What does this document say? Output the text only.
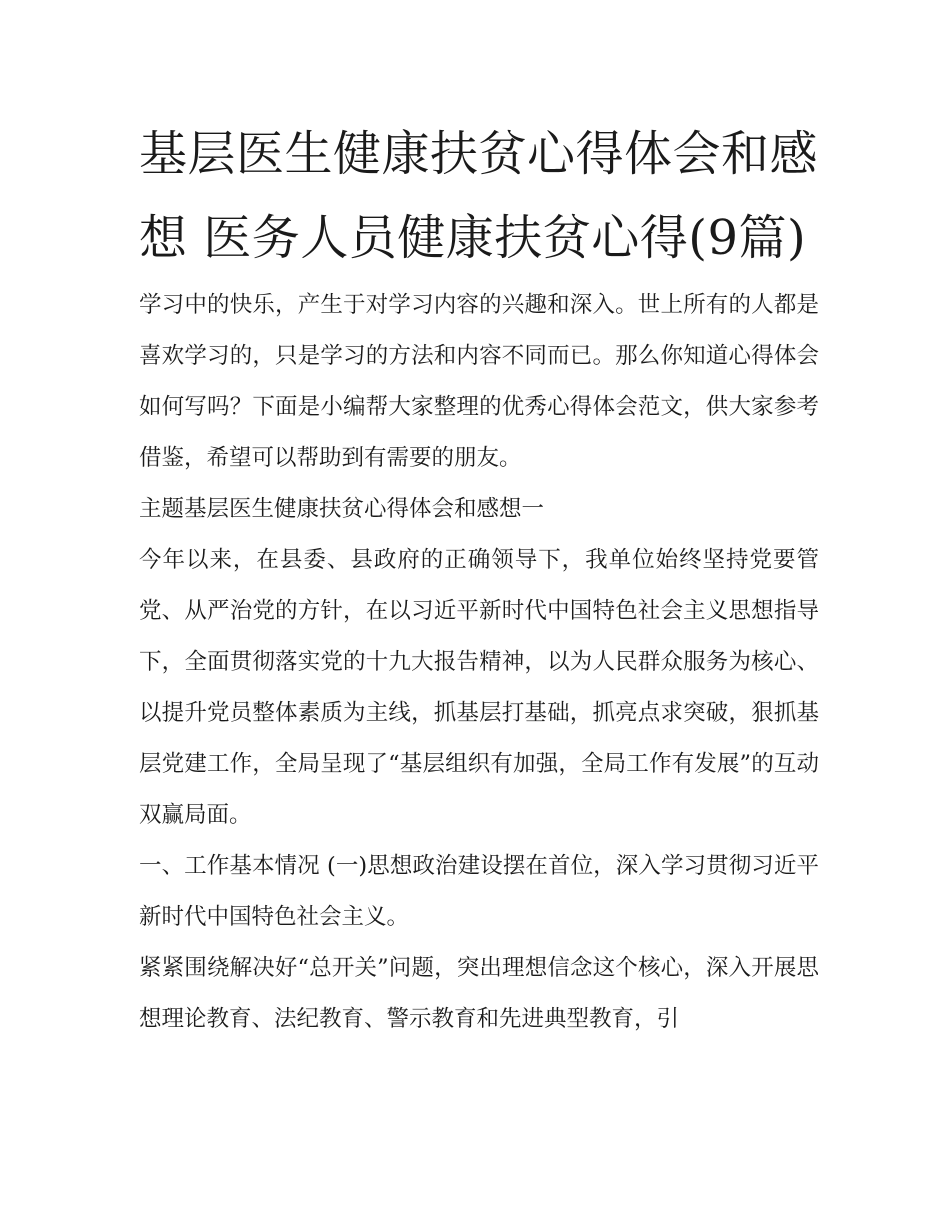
基层医生健康扶贫心得体会和感想 医务人员健康扶贫心得(9篇)

学习中的快乐，产生于对学习内容的兴趣和深入。世上所有的人都是喜欢学习的，只是学习的方法和内容不同而已。那么你知道心得体会如何写吗？下面是小编帮大家整理的优秀心得体会范文，供大家参考借鉴，希望可以帮助到有需要的朋友。

主题基层医生健康扶贫心得体会和感想一

今年以来，在县委、县政府的正确领导下，我单位始终坚持党要管党、从严治党的方针，在以习近平新时代中国特色社会主义思想指导下，全面贯彻落实党的十九大报告精神，以为人民群众服务为核心、以提升党员整体素质为主线，抓基层打基础，抓亮点求突破，狠抓基层党建工作，全局呈现了“基层组织有加强，全局工作有发展”的互动双赢局面。

一、工作基本情况 (一)思想政治建设摆在首位，深入学习贯彻习近平新时代中国特色社会主义。

紧紧围绕解决好“总开关”问题，突出理想信念这个核心，深入开展思想理论教育、法纪教育、警示教育和先进典型教育，引
